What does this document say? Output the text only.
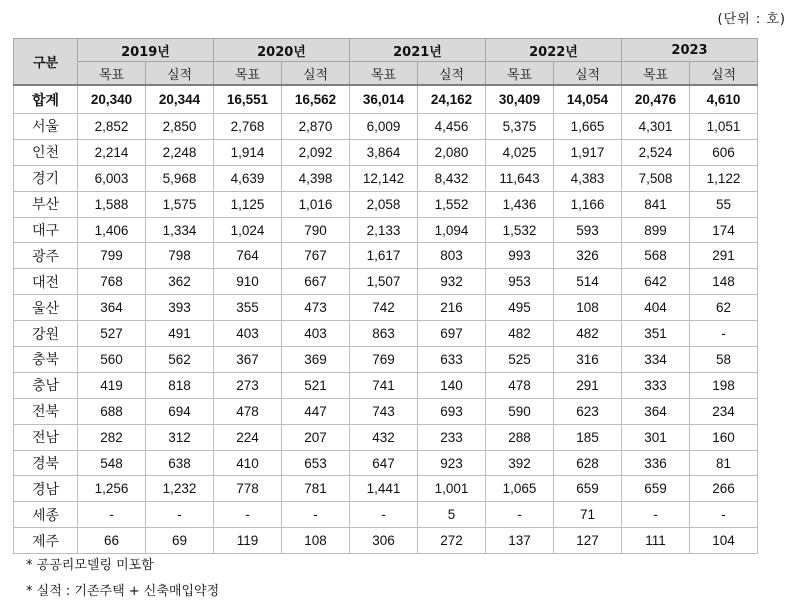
(단위 : 호)
구분	2019년		2020년		2021년		2022년		2023	
	목표	실적	목표	실적	목표	실적	목표	실적	목표	실적
합계	20,340	20,344	16,551	16,562	36,014	24,162	30,409	14,054	20,476	4,610
서울	2,852	2,850	2,768	2,870	6,009	4,456	5,375	1,665	4,301	1,051
인천	2,214	2,248	1,914	2,092	3,864	2,080	4,025	1,917	2,524	606
경기	6,003	5,968	4,639	4,398	12,142	8,432	11,643	4,383	7,508	1,122
부산	1,588	1,575	1,125	1,016	2,058	1,552	1,436	1,166	841	55
대구	1,406	1,334	1,024	790	2,133	1,094	1,532	593	899	174
광주	799	798	764	767	1,617	803	993	326	568	291
대전	768	362	910	667	1,507	932	953	514	642	148
울산	364	393	355	473	742	216	495	108	404	62
강원	527	491	403	403	863	697	482	482	351	-
충북	560	562	367	369	769	633	525	316	334	58
충남	419	818	273	521	741	140	478	291	333	198
전북	688	694	478	447	743	693	590	623	364	234
전남	282	312	224	207	432	233	288	185	301	160
경북	548	638	410	653	647	923	392	628	336	81
경남	1,256	1,232	778	781	1,441	1,001	1,065	659	659	266
세종	-	-	-	-	-	5	-	71	-	-
제주	66	69	119	108	306	272	137	127	111	104
* 공공리모델링 미포함
* 실적 : 기존주택 + 신축매입약정
